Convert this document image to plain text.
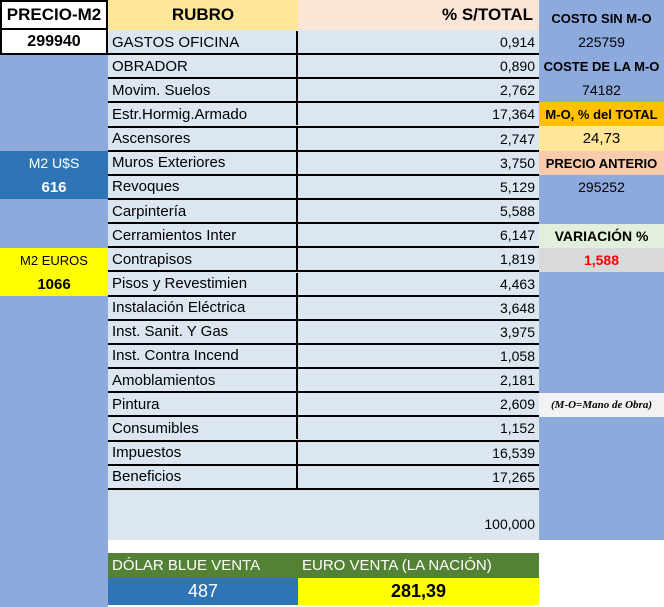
PRECIO-M2
299940
M2 U$S
616
M2 EUROS
1066
RUBRO	% S/TOTAL
GASTOS OFICINA	0,914
OBRADOR	0,890
Movim. Suelos	2,762
Estr.Hormig.Armado	17,364
Ascensores	2,747
Muros Exteriores	3,750
Revoques	5,129
Carpintería	5,588
Cerramientos Inter	6,147
Contrapisos	1,819
Pisos y Revestimien	4,463
Instalación Eléctrica	3,648
Inst. Sanit. Y Gas	3,975
Inst. Contra Incend	1,058
Amoblamientos	2,181
Pintura	2,609
Consumibles	1,152
Impuestos	16,539
Beneficios	17,265
100,000
COSTO SIN M-O
225759
COSTE DE LA M-O
74182
M-O, % del TOTAL
24,73
PRECIO ANTERIO
295252
VARIACIÓN %
1,588
(M-O=Mano de Obra)
DÓLAR BLUE VENTA	EURO VENTA (LA NACIÓN)
487	281,39
